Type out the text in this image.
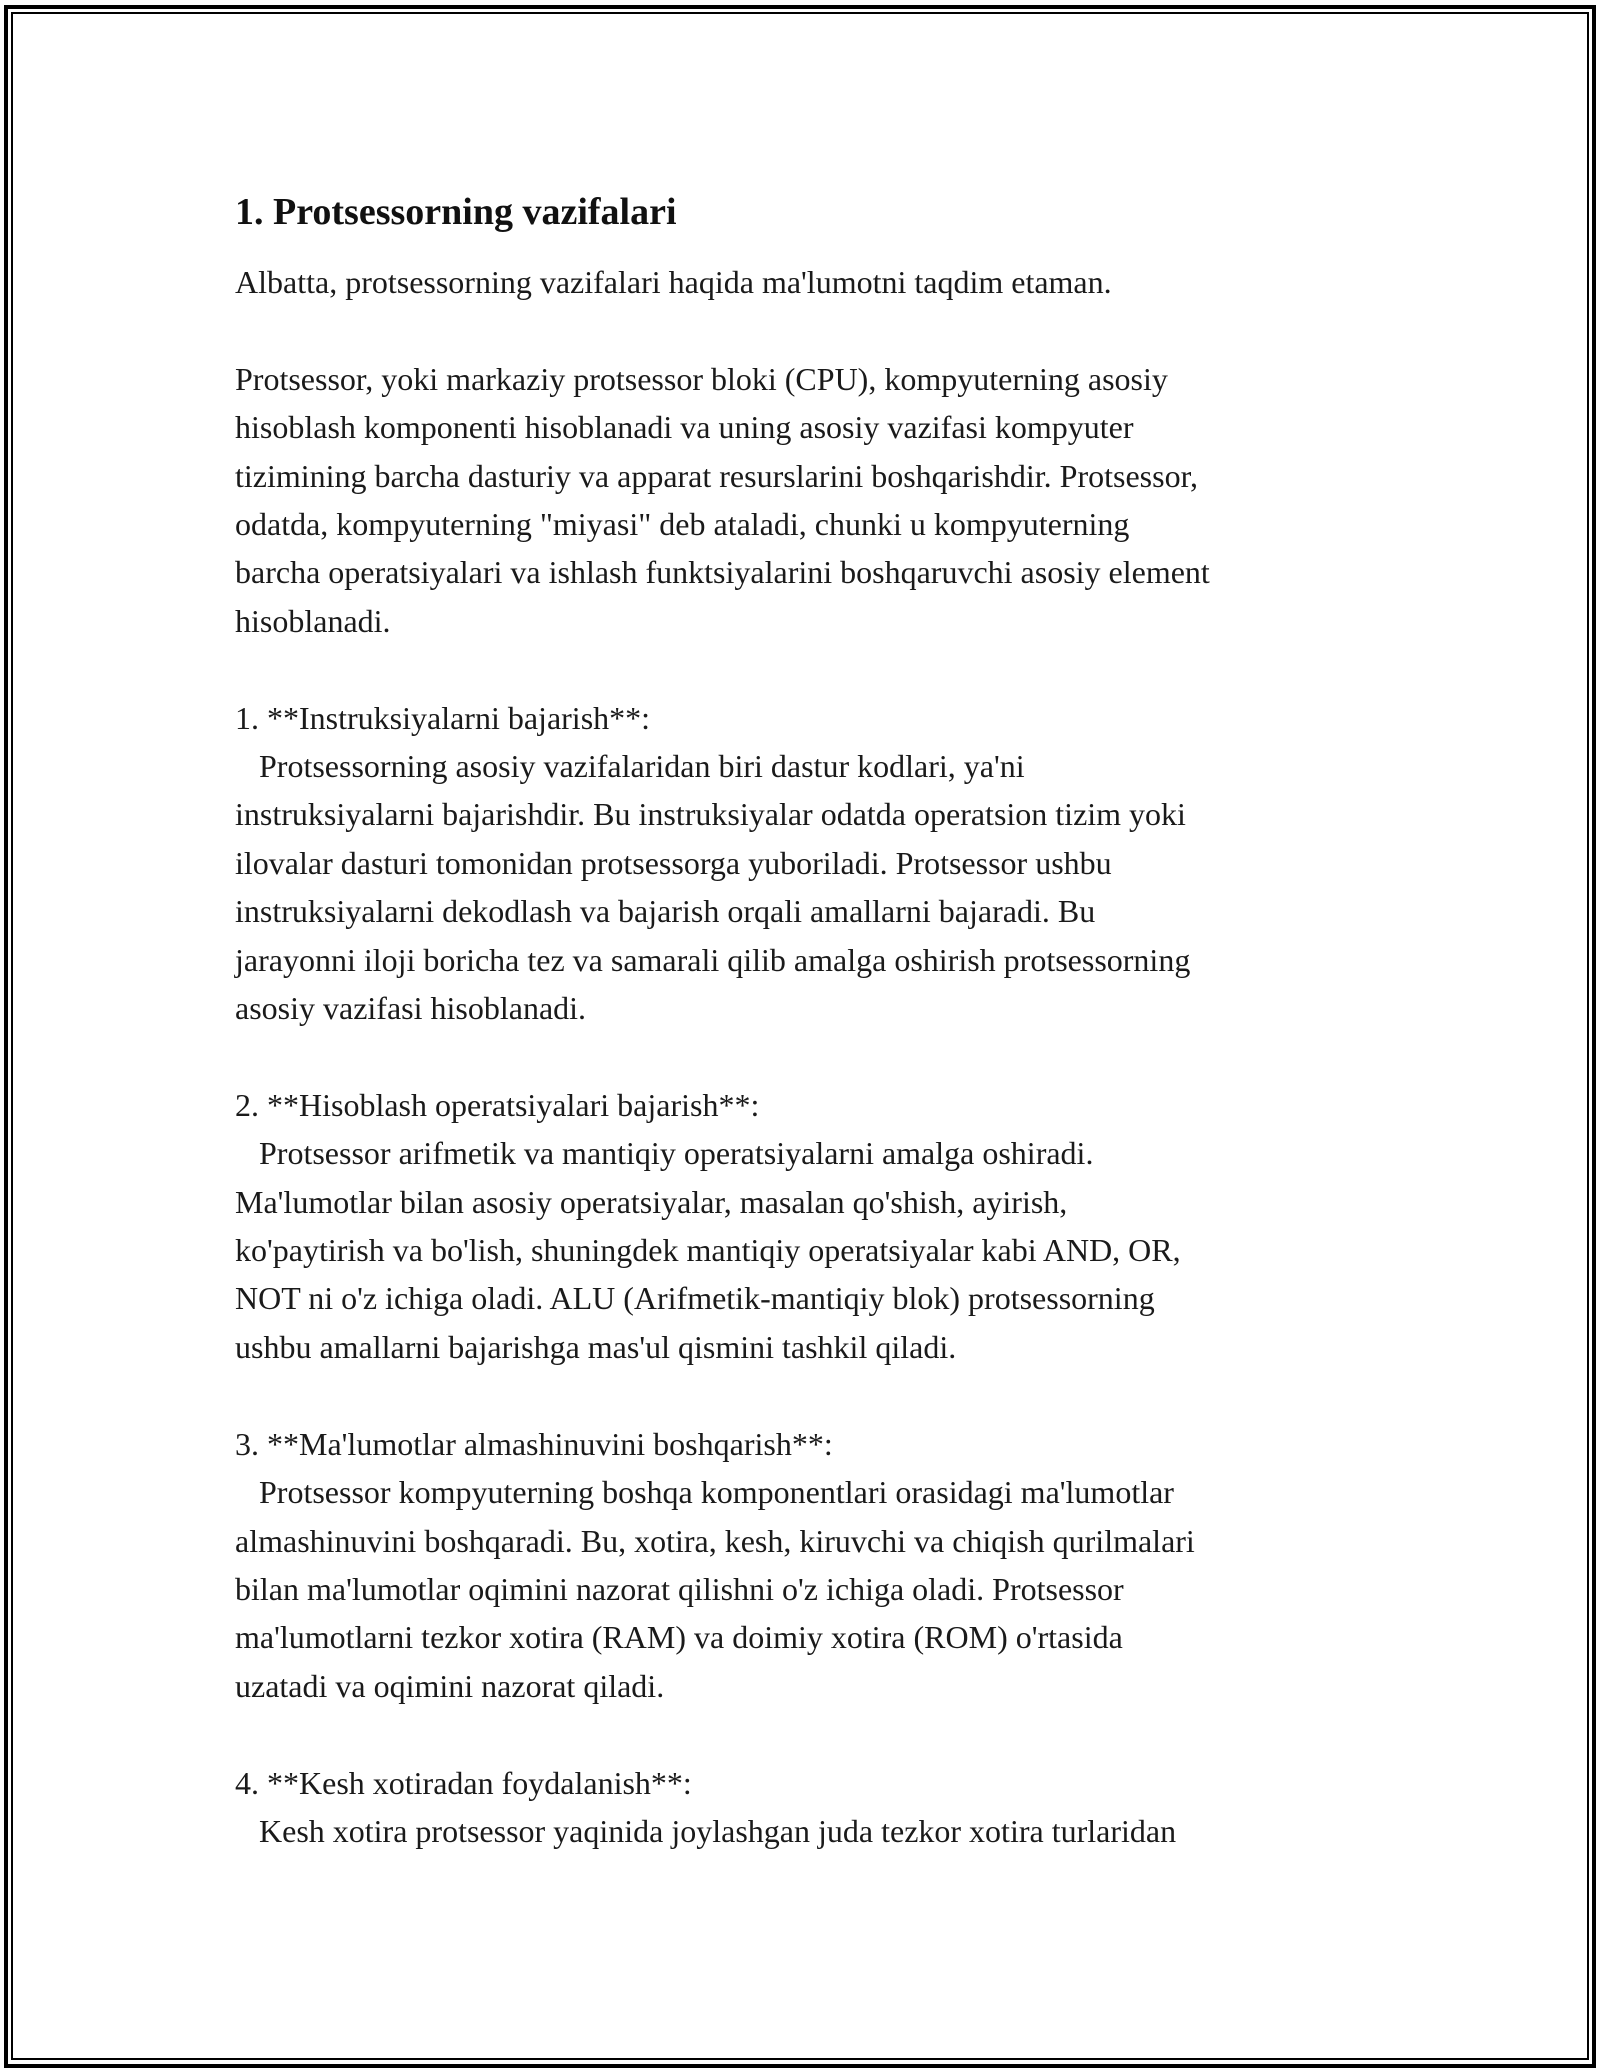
1. Protsessorning vazifalari

Albatta, protsessorning vazifalari haqida ma'lumotni taqdim etaman.

Protsessor, yoki markaziy protsessor bloki (CPU), kompyuterning asosiy
hisoblash komponenti hisoblanadi va uning asosiy vazifasi kompyuter
tizimining barcha dasturiy va apparat resurslarini boshqarishdir. Protsessor,
odatda, kompyuterning "miyasi" deb ataladi, chunki u kompyuterning
barcha operatsiyalari va ishlash funktsiyalarini boshqaruvchi asosiy element
hisoblanadi.

1. **Instruksiyalarni bajarish**:

Protsessorning asosiy vazifalaridan biri dastur kodlari, ya'ni
instruksiyalarni bajarishdir. Bu instruksiyalar odatda operatsion tizim yoki
ilovalar dasturi tomonidan protsessorga yuboriladi. Protsessor ushbu
instruksiyalarni dekodlash va bajarish orqali amallarni bajaradi. Bu
jarayonni iloji boricha tez va samarali qilib amalga oshirish protsessorning
asosiy vazifasi hisoblanadi.

2. **Hisoblash operatsiyalari bajarish**:

Protsessor arifmetik va mantiqiy operatsiyalarni amalga oshiradi.
Ma'lumotlar bilan asosiy operatsiyalar, masalan qo'shish, ayirish,
ko'paytirish va bo'lish, shuningdek mantiqiy operatsiyalar kabi AND, OR,
NOT ni o'z ichiga oladi. ALU (Arifmetik-mantiqiy blok) protsessorning
ushbu amallarni bajarishga mas'ul qismini tashkil qiladi.

3. **Ma'lumotlar almashinuvini boshqarish**:

Protsessor kompyuterning boshqa komponentlari orasidagi ma'lumotlar
almashinuvini boshqaradi. Bu, xotira, kesh, kiruvchi va chiqish qurilmalari
bilan ma'lumotlar oqimini nazorat qilishni o'z ichiga oladi. Protsessor
ma'lumotlarni tezkor xotira (RAM) va doimiy xotira (ROM) o'rtasida
uzatadi va oqimini nazorat qiladi.

4. **Kesh xotiradan foydalanish**:

Kesh xotira protsessor yaqinida joylashgan juda tezkor xotira turlaridan
